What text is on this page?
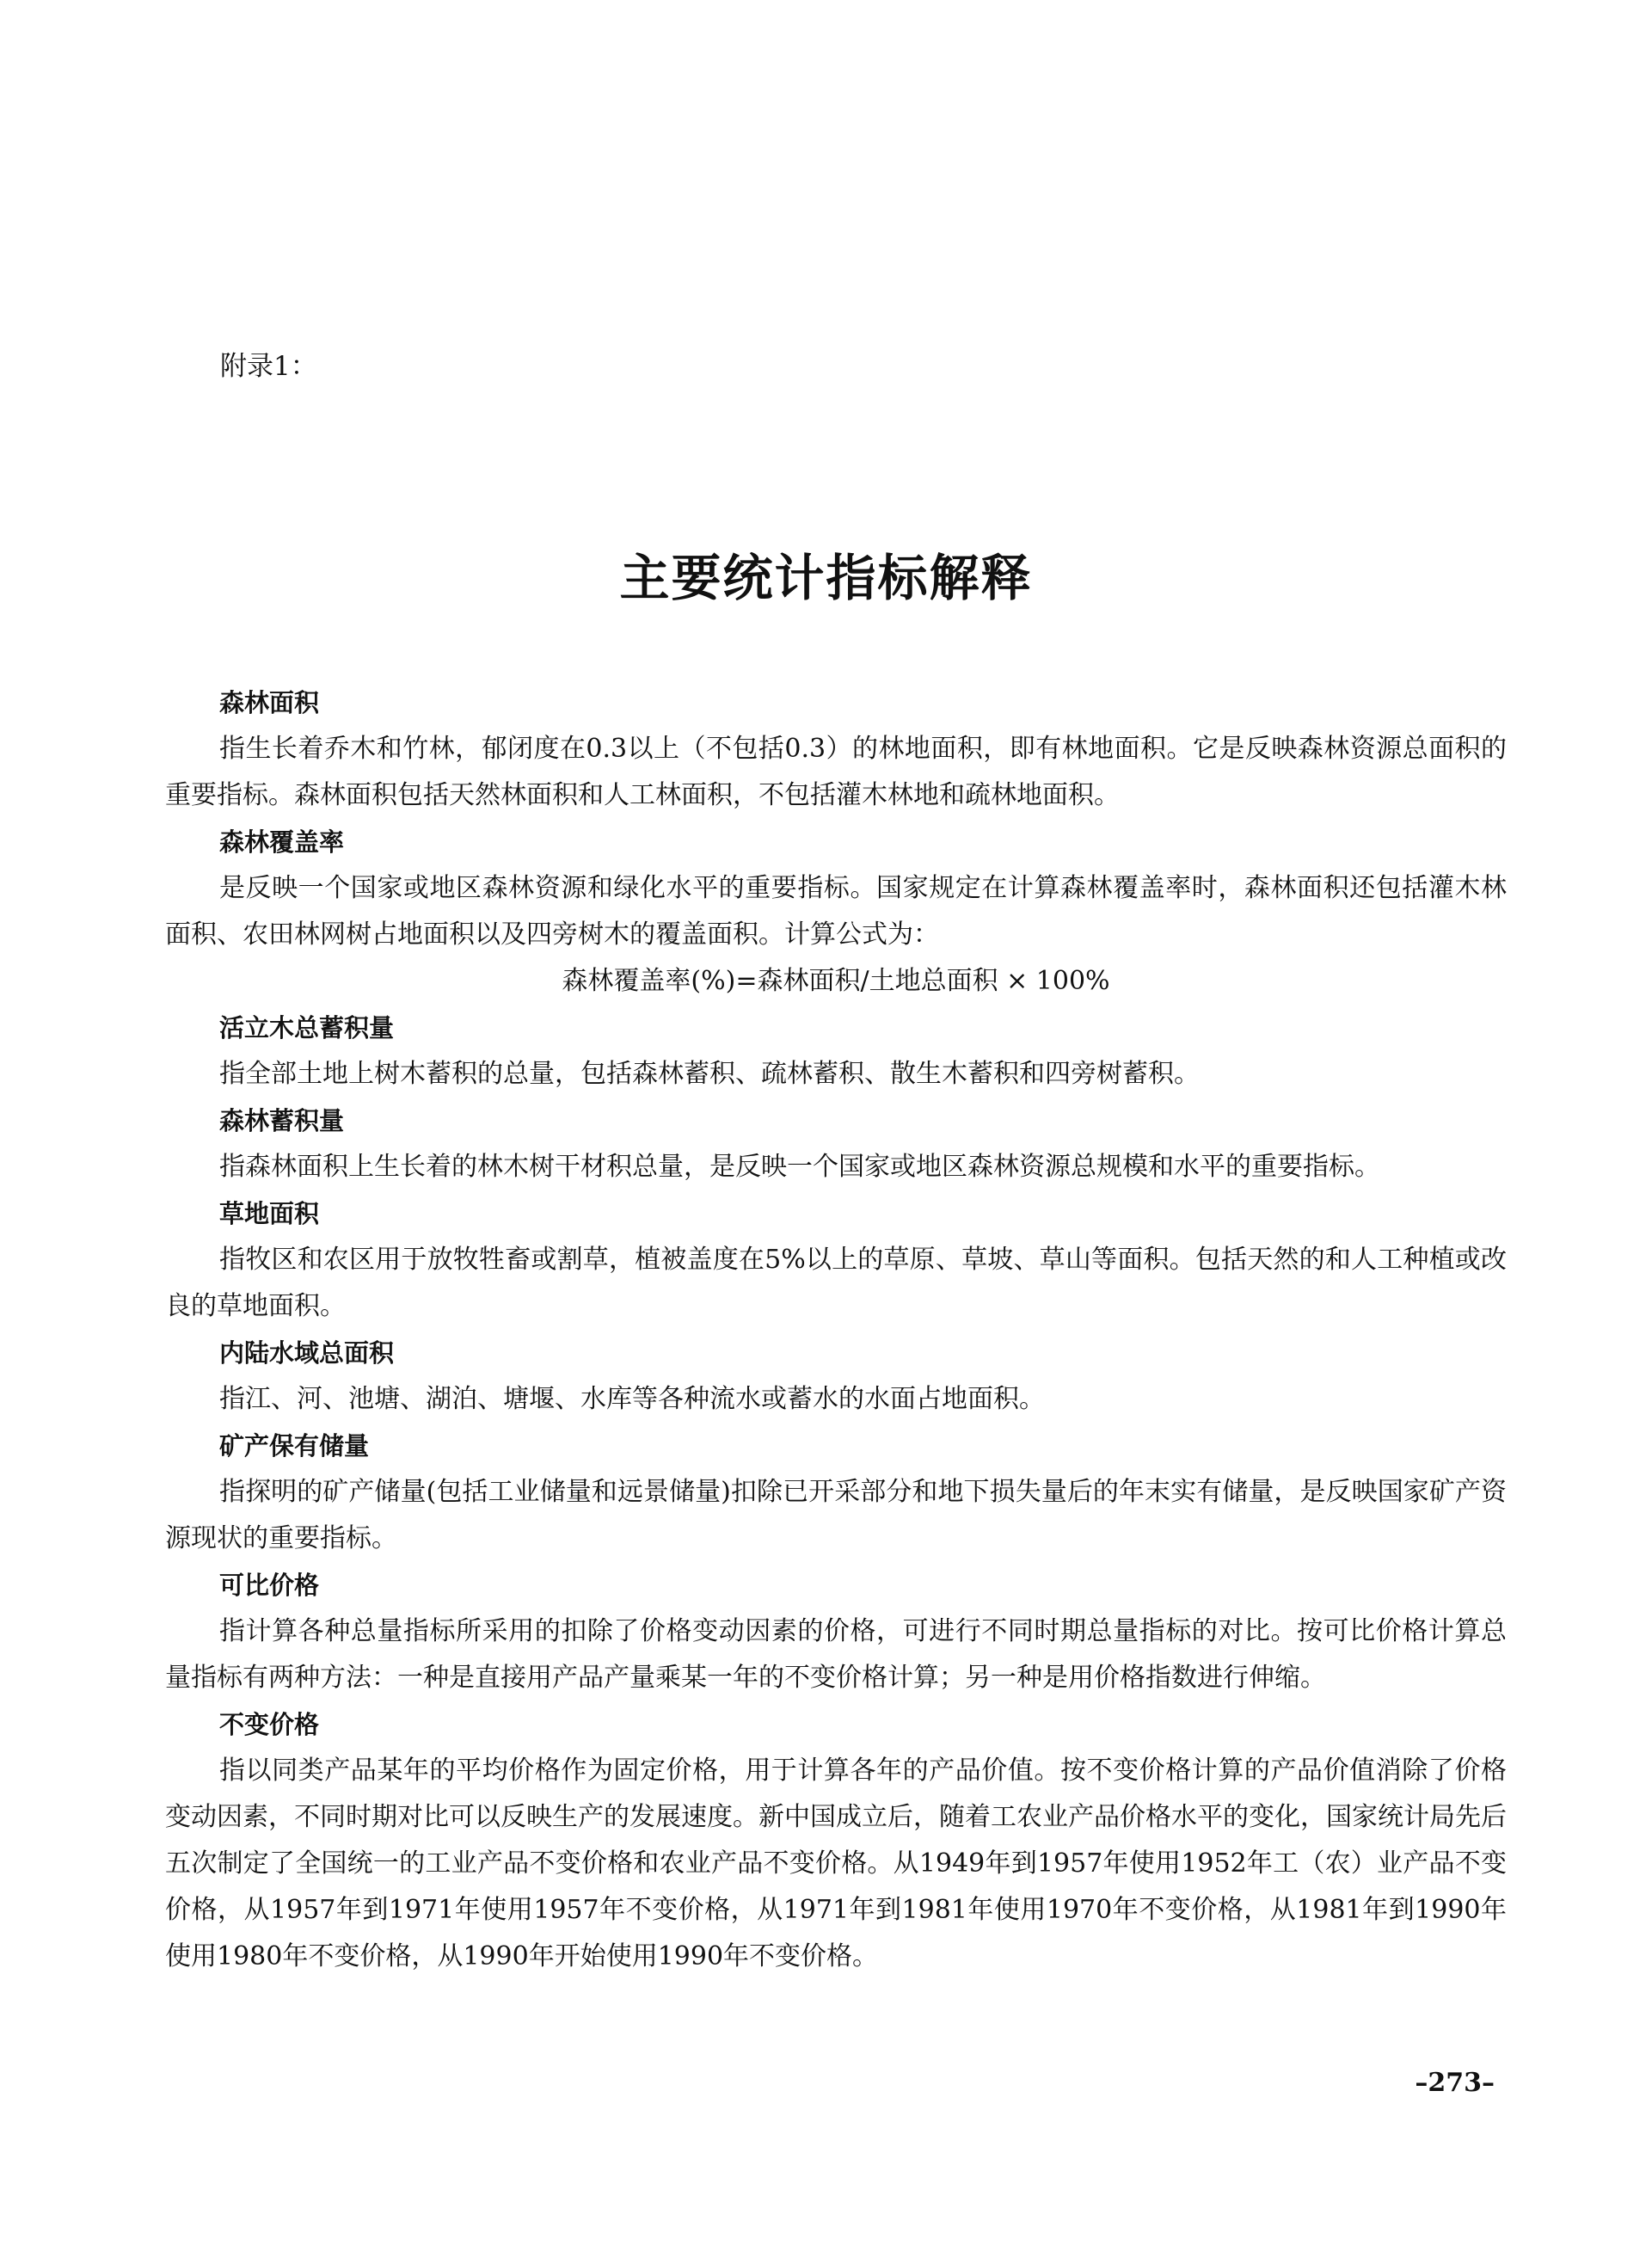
附录1：
主要统计指标解释
森林面积

指生长着乔木和竹林，郁闭度在0.3以上（不包括0.3）的林地面积，即有林地面积。它是反映森林资源总面积的重要指标。森林面积包括天然林面积和人工林面积，不包括灌木林地和疏林地面积。

森林覆盖率

是反映一个国家或地区森林资源和绿化水平的重要指标。国家规定在计算森林覆盖率时，森林面积还包括灌木林面积、农田林网树占地面积以及四旁树木的覆盖面积。计算公式为：

森林覆盖率(%)=森林面积/土地总面积 × 100%

活立木总蓄积量

指全部土地上树木蓄积的总量，包括森林蓄积、疏林蓄积、散生木蓄积和四旁树蓄积。

森林蓄积量

指森林面积上生长着的林木树干材积总量，是反映一个国家或地区森林资源总规模和水平的重要指标。

草地面积

指牧区和农区用于放牧牲畜或割草，植被盖度在5%以上的草原、草坡、草山等面积。包括天然的和人工种植或改良的草地面积。

内陆水域总面积

指江、河、池塘、湖泊、塘堰、水库等各种流水或蓄水的水面占地面积。

矿产保有储量

指探明的矿产储量(包括工业储量和远景储量)扣除已开采部分和地下损失量后的年末实有储量，是反映国家矿产资源现状的重要指标。

可比价格

指计算各种总量指标所采用的扣除了价格变动因素的价格，可进行不同时期总量指标的对比。按可比价格计算总量指标有两种方法：一种是直接用产品产量乘某一年的不变价格计算；另一种是用价格指数进行伸缩。

不变价格

指以同类产品某年的平均价格作为固定价格，用于计算各年的产品价值。按不变价格计算的产品价值消除了价格变动因素，不同时期对比可以反映生产的发展速度。新中国成立后，随着工农业产品价格水平的变化，国家统计局先后五次制定了全国统一的工业产品不变价格和农业产品不变价格。从1949年到1957年使用1952年工（农）业产品不变价格，从1957年到1971年使用1957年不变价格，从1971年到1981年使用1970年不变价格，从1981年到1990年使用1980年不变价格，从1990年开始使用1990年不变价格。

–273–
